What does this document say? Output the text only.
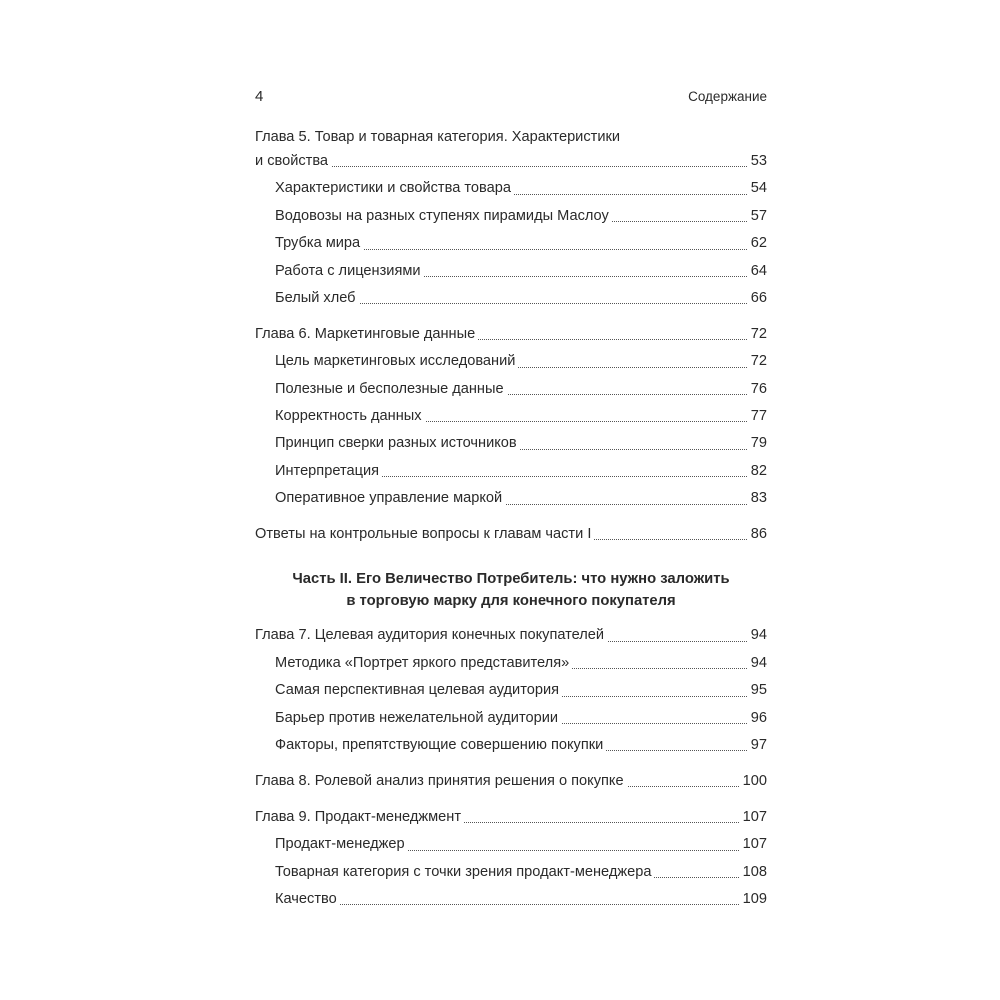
4	Содержание
Глава 5. Товар и товарная категория. Характеристики
и свойства	53
Характеристики и свойства товара	54
Водовозы на разных ступенях пирамиды Маслоу	57
Трубка мира	62
Работа с лицензиями	64
Белый хлеб	66
Глава 6. Маркетинговые данные	72
Цель маркетинговых исследований	72
Полезные и бесполезные данные	76
Корректность данных	77
Принцип сверки разных источников	79
Интерпретация	82
Оперативное управление маркой	83
Ответы на контрольные вопросы к главам части I	86
Часть II. Его Величество Потребитель: что нужно заложить
в торговую марку для конечного покупателя
Глава 7. Целевая аудитория конечных покупателей	94
Методика «Портрет яркого представителя»	94
Самая перспективная целевая аудитория	95
Барьер против нежелательной аудитории	96
Факторы, препятствующие совершению покупки	97
Глава 8. Ролевой анализ принятия решения о покупке	100
Глава 9. Продакт-менеджмент	107
Продакт-менеджер	107
Товарная категория с точки зрения продакт-менеджера	108
Качество	109
